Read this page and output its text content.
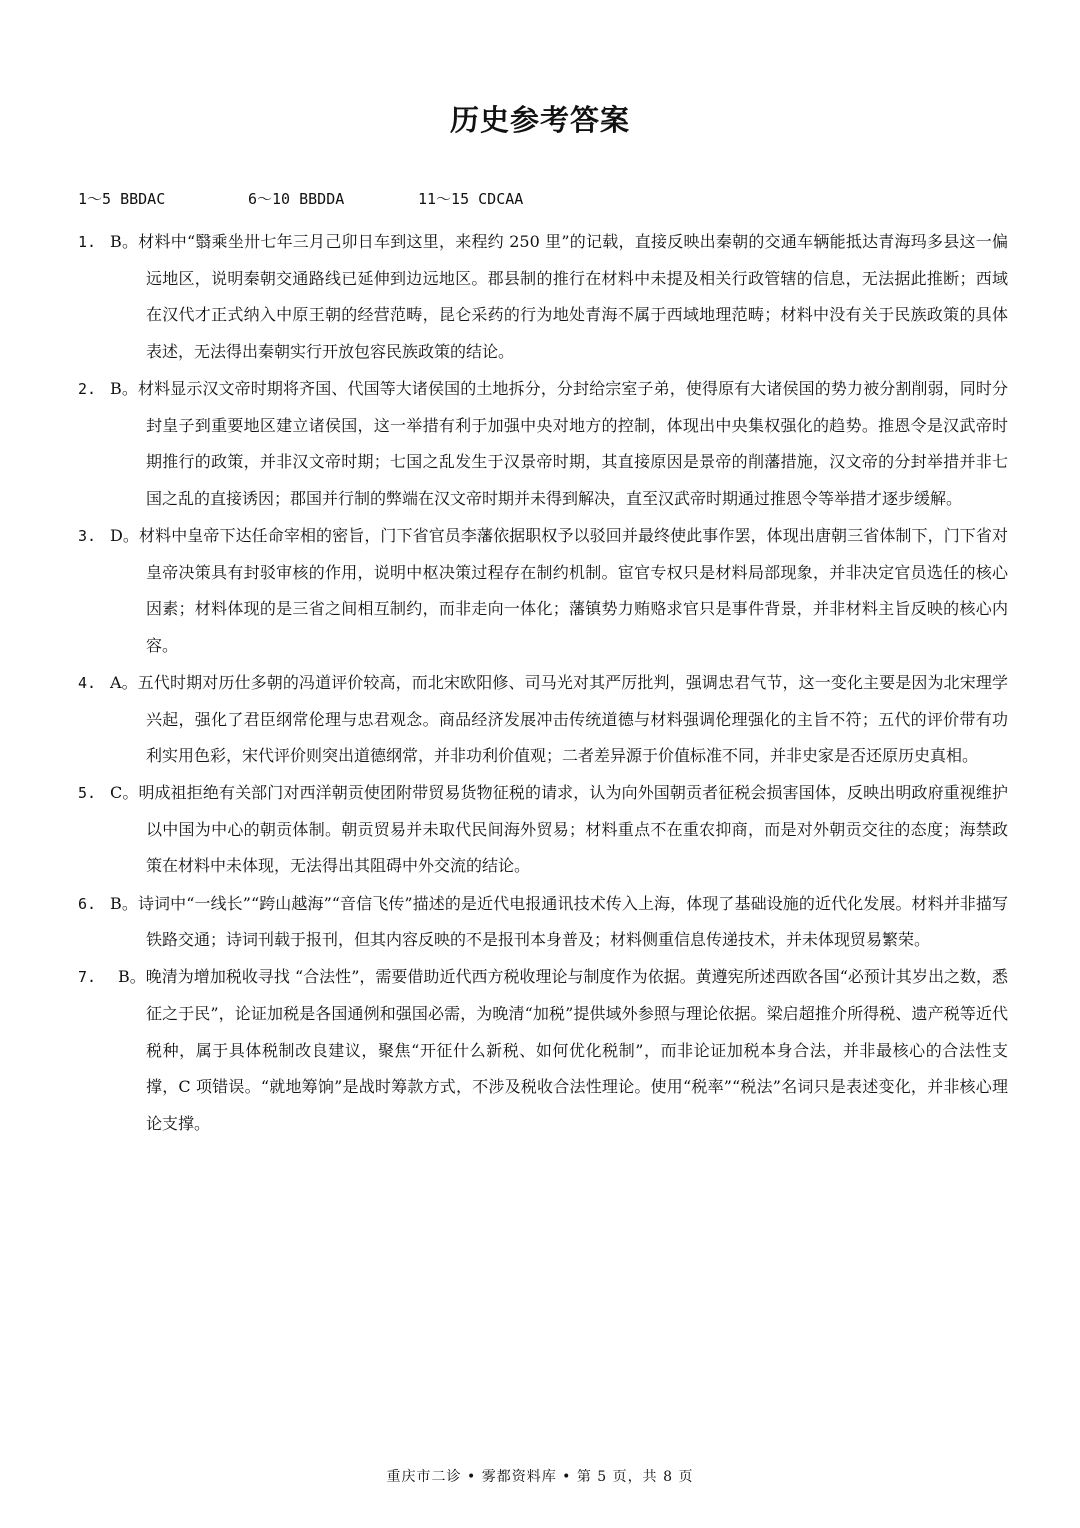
历史参考答案
1～5 BBDAC	6～10 BBDDA	11～15 CDCAA
1. B。材料中“翳乘坐卅七年三月己卯日车到这里，来程约 250 里”的记载，直接反映出秦朝的交通车辆能抵达青海玛多县这一偏远地区，说明秦朝交通路线已延伸到边远地区。郡县制的推行在材料中未提及相关行政管辖的信息，无法据此推断；西域在汉代才正式纳入中原王朝的经营范畴，昆仑采药的行为地处青海不属于西域地理范畴；材料中没有关于民族政策的具体表述，无法得出秦朝实行开放包容民族政策的结论。
2. B。材料显示汉文帝时期将齐国、代国等大诸侯国的土地拆分，分封给宗室子弟，使得原有大诸侯国的势力被分割削弱，同时分封皇子到重要地区建立诸侯国，这一举措有利于加强中央对地方的控制，体现出中央集权强化的趋势。推恩令是汉武帝时期推行的政策，并非汉文帝时期；七国之乱发生于汉景帝时期，其直接原因是景帝的削藩措施，汉文帝的分封举措并非七国之乱的直接诱因；郡国并行制的弊端在汉文帝时期并未得到解决，直至汉武帝时期通过推恩令等举措才逐步缓解。
3. D。材料中皇帝下达任命宰相的密旨，门下省官员李藩依据职权予以驳回并最终使此事作罢，体现出唐朝三省体制下，门下省对皇帝决策具有封驳审核的作用，说明中枢决策过程存在制约机制。宦官专权只是材料局部现象，并非决定官员选任的核心因素；材料体现的是三省之间相互制约，而非走向一体化；藩镇势力贿赂求官只是事件背景，并非材料主旨反映的核心内容。
4. A。五代时期对历仕多朝的冯道评价较高，而北宋欧阳修、司马光对其严厉批判，强调忠君气节，这一变化主要是因为北宋理学兴起，强化了君臣纲常伦理与忠君观念。商品经济发展冲击传统道德与材料强调伦理强化的主旨不符；五代的评价带有功利实用色彩，宋代评价则突出道德纲常，并非功利价值观；二者差异源于价值标准不同，并非史家是否还原历史真相。
5. C。明成祖拒绝有关部门对西洋朝贡使团附带贸易货物征税的请求，认为向外国朝贡者征税会损害国体，反映出明政府重视维护以中国为中心的朝贡体制。朝贡贸易并未取代民间海外贸易；材料重点不在重农抑商，而是对外朝贡交往的态度；海禁政策在材料中未体现，无法得出其阻碍中外交流的结论。
6. B。诗词中“一线长”“跨山越海”“音信飞传”描述的是近代电报通讯技术传入上海，体现了基础设施的近代化发展。材料并非描写铁路交通；诗词刊载于报刊，但其内容反映的不是报刊本身普及；材料侧重信息传递技术，并未体现贸易繁荣。
7.	B。晚清为增加税收寻找 “合法性”，需要借助近代西方税收理论与制度作为依据。黄遵宪所述西欧各国“必预计其岁出之数，悉征之于民”，论证加税是各国通例和强国必需，为晚清“加税”提供域外参照与理论依据。梁启超推介所得税、遗产税等近代税种，属于具体税制改良建议，聚焦“开征什么新税、如何优化税制”，而非论证加税本身合法，并非最核心的合法性支撑，C 项错误。“就地筹饷”是战时筹款方式，不涉及税收合法性理论。使用“税率”“税法”名词只是表述变化，并非核心理论支撑。
重庆市二诊 • 雾都资料库 • 第 5 页，共 8 页
